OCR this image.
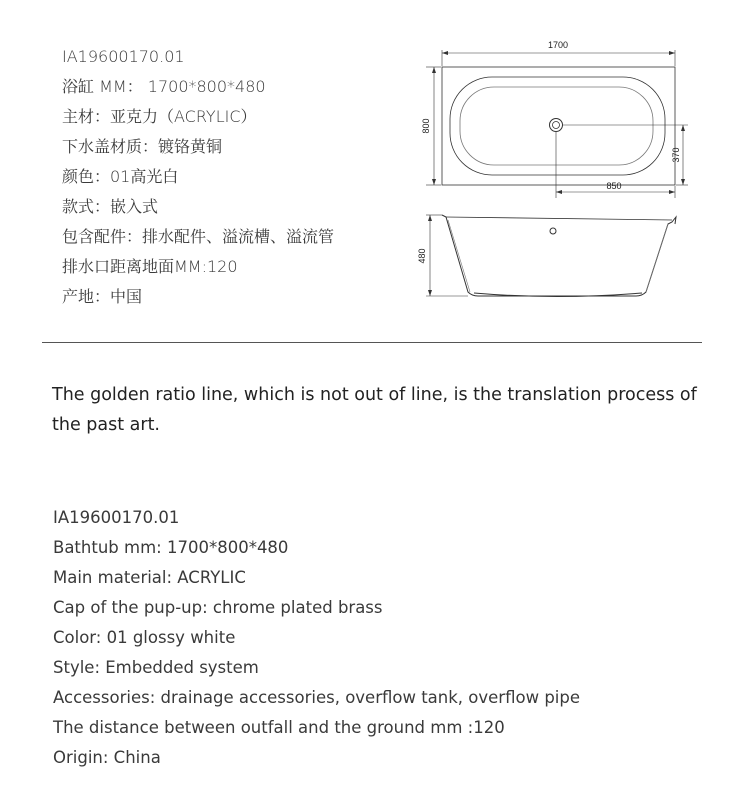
IA19600170.01
浴缸 MM： 1700*800*480
主材：亚克力（ACRYLIC）
下水盖材质：镀铬黄铜
颜色：01高光白
款式：嵌入式
包含配件：排水配件、溢流槽、溢流管
排水口距离地面MM:120
产地：中国
1700
800
370
850
480
The golden ratio line, which is not out of line, is the translation process of the past art.
IA19600170.01
Bathtub mm: 1700*800*480
Main material: ACRYLIC
Cap of the pup-up: chrome plated brass
Color: 01 glossy white
Style: Embedded system
Accessories: drainage accessories, overflow tank, overflow pipe
The distance between outfall and the ground mm :120
Origin: China
